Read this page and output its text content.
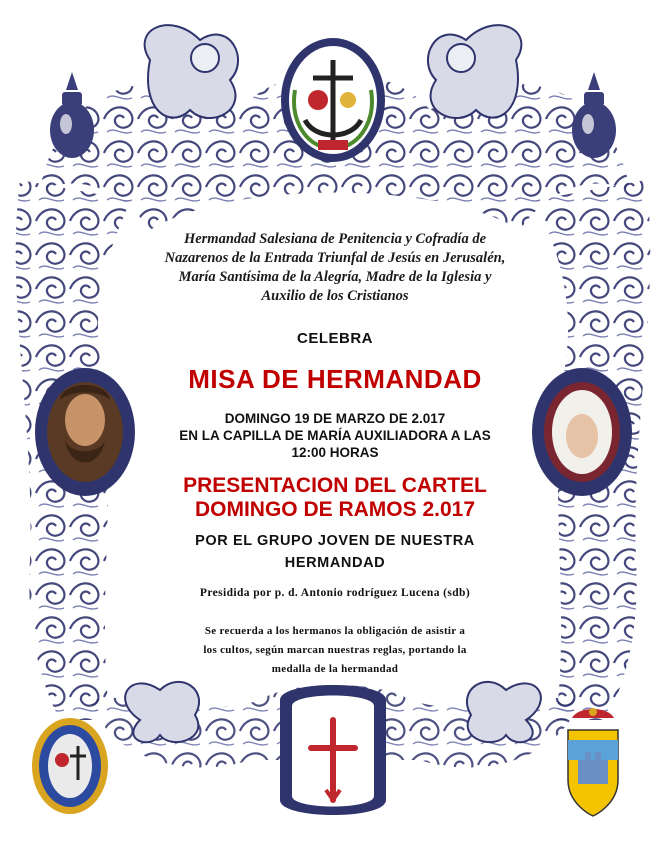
Hermandad Salesiana de Penitencia y Cofradía de
Nazarenos de la Entrada Triunfal de Jesús en Jerusalén,
María Santísima de la Alegría, Madre de la Iglesia y
Auxilio de los Cristianos
CELEBRA
MISA DE HERMANDAD
DOMINGO 19 DE MARZO DE 2.017
EN LA CAPILLA DE MARÍA AUXILIADORA A LAS
12:00 HORAS
PRESENTACION DEL CARTEL
DOMINGO DE RAMOS 2.017
POR EL GRUPO JOVEN DE NUESTRA
HERMANDAD
Presidida por p. d. Antonio rodríguez Lucena (sdb)
Se recuerda a los hermanos la obligación de asistir a
los cultos, según marcan nuestras reglas, portando la
medalla de la hermandad
